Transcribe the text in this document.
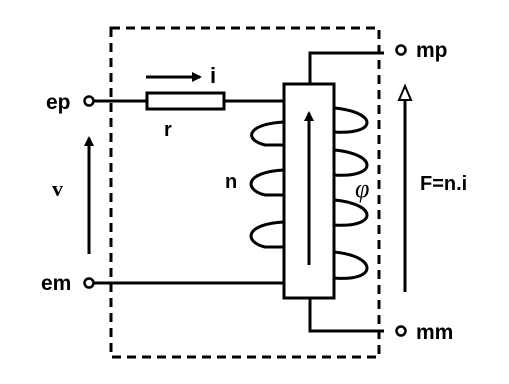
ep
em
mp
mm
i
r
v	n	φ	F=n.i
